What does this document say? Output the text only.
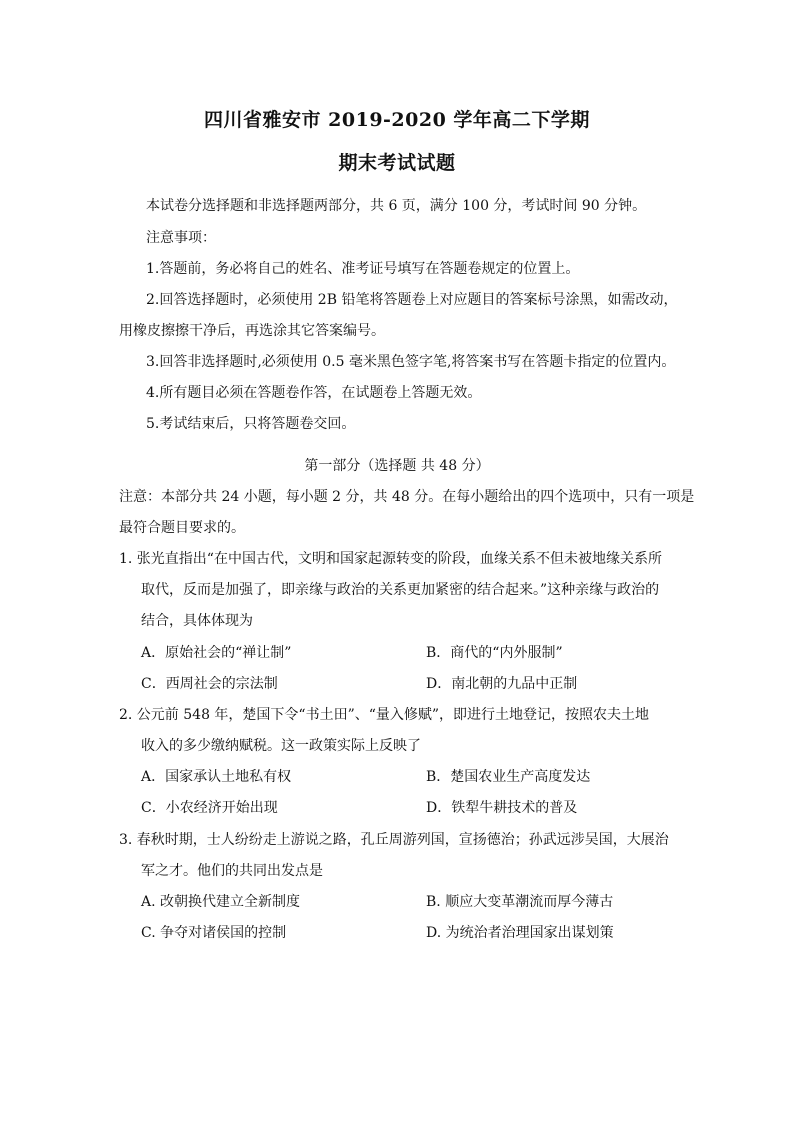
四川省雅安市 2019-2020 学年高二下学期
期末考试试题
本试卷分选择题和非选择题两部分，共 6 页，满分 100 分，考试时间 90 分钟。
注意事项：
1.答题前，务必将自己的姓名、准考证号填写在答题卷规定的位置上。
2.回答选择题时，必须使用 2B 铅笔将答题卷上对应题目的答案标号涂黑，如需改动，
用橡皮擦擦干净后，再选涂其它答案编号。
3.回答非选择题时,必须使用 0.5 毫米黑色签字笔,将答案书写在答题卡指定的位置内。
4.所有题目必须在答题卷作答，在试题卷上答题无效。
5.考试结束后，只将答题卷交回。
第一部分（选择题 共 48 分）
注意：本部分共 24 小题，每小题 2 分，共 48 分。在每小题给出的四个选项中，只有一项是
最符合题目要求的。
1. 张光直指出“在中国古代，文明和国家起源转变的阶段，血缘关系不但未被地缘关系所
取代，反而是加强了，即亲缘与政治的关系更加紧密的结合起来。”这种亲缘与政治的
结合，具体体现为
A．原始社会的“禅让制”	B．商代的“内外服制”
C．西周社会的宗法制	D．南北朝的九品中正制
2. 公元前 548 年，楚国下令“书土田”、“量入修赋”，即进行土地登记，按照农夫土地
收入的多少缴纳赋税。这一政策实际上反映了
A．国家承认土地私有权	B．楚国农业生产高度发达
C．小农经济开始出现	D．铁犁牛耕技术的普及
3. 春秋时期，士人纷纷走上游说之路，孔丘周游列国，宣扬德治；孙武远涉吴国，大展治
军之才。他们的共同出发点是
A. 改朝换代建立全新制度	B. 顺应大变革潮流而厚今薄古
C. 争夺对诸侯国的控制	D. 为统治者治理国家出谋划策
